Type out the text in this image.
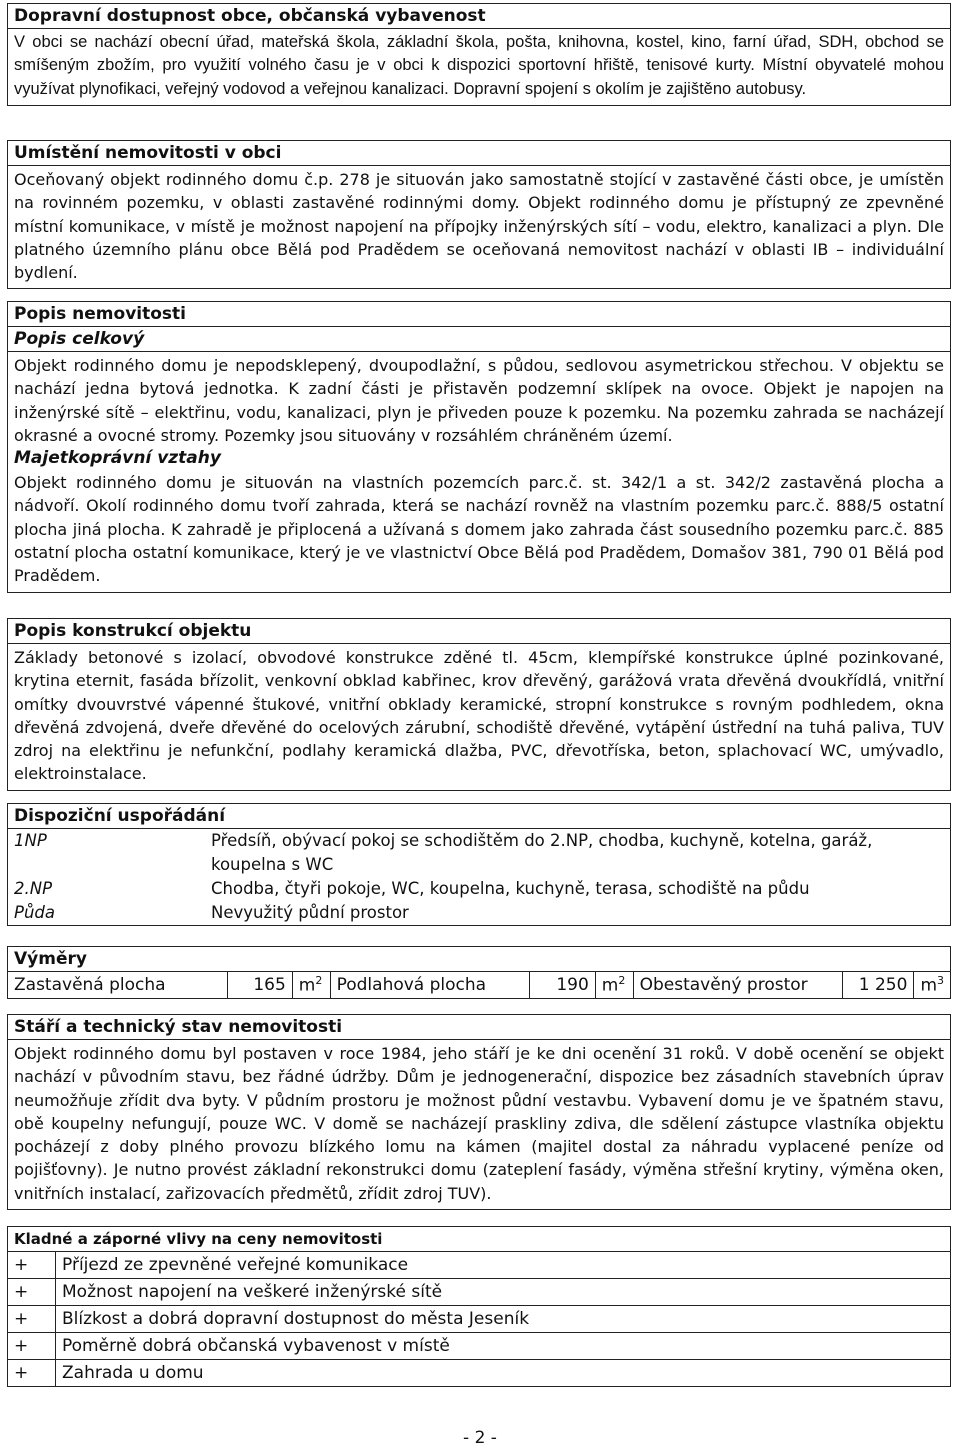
Dopravní dostupnost obce, občanská vybavenost
V obci se nachází obecní úřad, mateřská škola, základní škola, pošta, knihovna, kostel, kino, farní úřad, SDH, obchod se smíšeným zbožím, pro využití volného času je v obci k dispozici sportovní hřiště, tenisové kurty. Místní obyvatelé mohou využívat plynofikaci, veřejný vodovod a veřejnou kanalizaci. Dopravní spojení s okolím je zajištěno autobusy.
Umístění nemovitosti v obci
Oceňovaný objekt rodinného domu č.p. 278 je situován jako samostatně stojící v zastavěné části obce, je umístěn na rovinném pozemku, v oblasti zastavěné rodinnými domy. Objekt rodinného domu je přístupný ze zpevněné místní komunikace, v místě je možnost napojení na přípojky inženýrských sítí – vodu, elektro, kanalizaci a plyn. Dle platného územního plánu obce Bělá pod Pradědem se oceňovaná nemovitost nachází v oblasti IB – individuální bydlení.
Popis nemovitosti
Popis celkový
Objekt rodinného domu je nepodsklepený, dvoupodlažní, s půdou, sedlovou asymetrickou střechou. V objektu se nachází jedna bytová jednotka. K zadní části je přistavěn podzemní sklípek na ovoce. Objekt je napojen na inženýrské sítě – elektřinu, vodu, kanalizaci, plyn je přiveden pouze k pozemku. Na pozemku zahrada se nacházejí okrasné a ovocné stromy. Pozemky jsou situovány v rozsáhlém chráněném území.
Majetkoprávní vztahy
Objekt rodinného domu je situován na vlastních pozemcích parc.č. st. 342/1 a st. 342/2 zastavěná plocha a nádvoří. Okolí rodinného domu tvoří zahrada, která se nachází rovněž na vlastním pozemku parc.č. 888/5 ostatní plocha jiná plocha. K zahradě je připlocená a užívaná s domem jako zahrada část sousedního pozemku parc.č. 885 ostatní plocha ostatní komunikace, který je ve vlastnictví Obce Bělá pod Pradědem, Domašov 381, 790 01 Bělá pod Pradědem.
Popis konstrukcí objektu
Základy betonové s izolací, obvodové konstrukce zděné tl. 45cm, klempířské konstrukce úplné pozinkované, krytina eternit, fasáda břízolit, venkovní obklad kabřinec, krov dřevěný, garážová vrata dřevěná dvoukřídlá, vnitřní omítky dvouvrstvé vápenné štukové, vnitřní obklady keramické, stropní konstrukce s rovným podhledem, okna dřevěná zdvojená, dveře dřevěné do ocelových zárubní, schodiště dřevěné, vytápění ústřední na tuhá paliva, TUV zdroj na elektřinu je nefunkční, podlahy keramická dlažba, PVC, dřevotříska, beton, splachovací WC, umývadlo, elektroinstalace.
Dispoziční uspořádání
1NP	Předsíň, obývací pokoj se schodištěm do 2.NP, chodba, kuchyně, kotelna, garáž, koupelna s WC
2.NP	Chodba, čtyři pokoje, WC, koupelna, kuchyně, terasa, schodiště na půdu
Půda	Nevyužitý půdní prostor
Výměry
Zastavěná plocha	165	$m^2$	Podlahová plocha	190	$m^2$	Obestavěný prostor	1 250	$m^3$
Stáří a technický stav nemovitosti
Objekt rodinného domu byl postaven v roce 1984, jeho stáří je ke dni ocenění 31 roků. V době ocenění se objekt nachází v původním stavu, bez řádné údržby. Dům je jednogenerační, dispozice bez zásadních stavebních úprav neumožňuje zřídit dva byty. V půdním prostoru je možnost půdní vestavbu. Vybavení domu je ve špatném stavu, obě koupelny nefungují, pouze WC. V domě se nacházejí praskliny zdiva, dle sdělení zástupce vlastníka objektu pocházejí z doby plného provozu blízkého lomu na kámen (majitel dostal za náhradu vyplacené peníze od pojišťovny). Je nutno provést základní rekonstrukci domu (zateplení fasády, výměna střešní krytiny, výměna oken, vnitřních instalací, zařizovacích předmětů, zřídit zdroj TUV).
Kladné a záporné vlivy na ceny nemovitosti
+	Příjezd ze zpevněné veřejné komunikace
+	Možnost napojení na veškeré inženýrské sítě
+	Blízkost a dobrá dopravní dostupnost do města Jeseník
+	Poměrně dobrá občanská vybavenost v místě
+	Zahrada u domu
- 2 -
